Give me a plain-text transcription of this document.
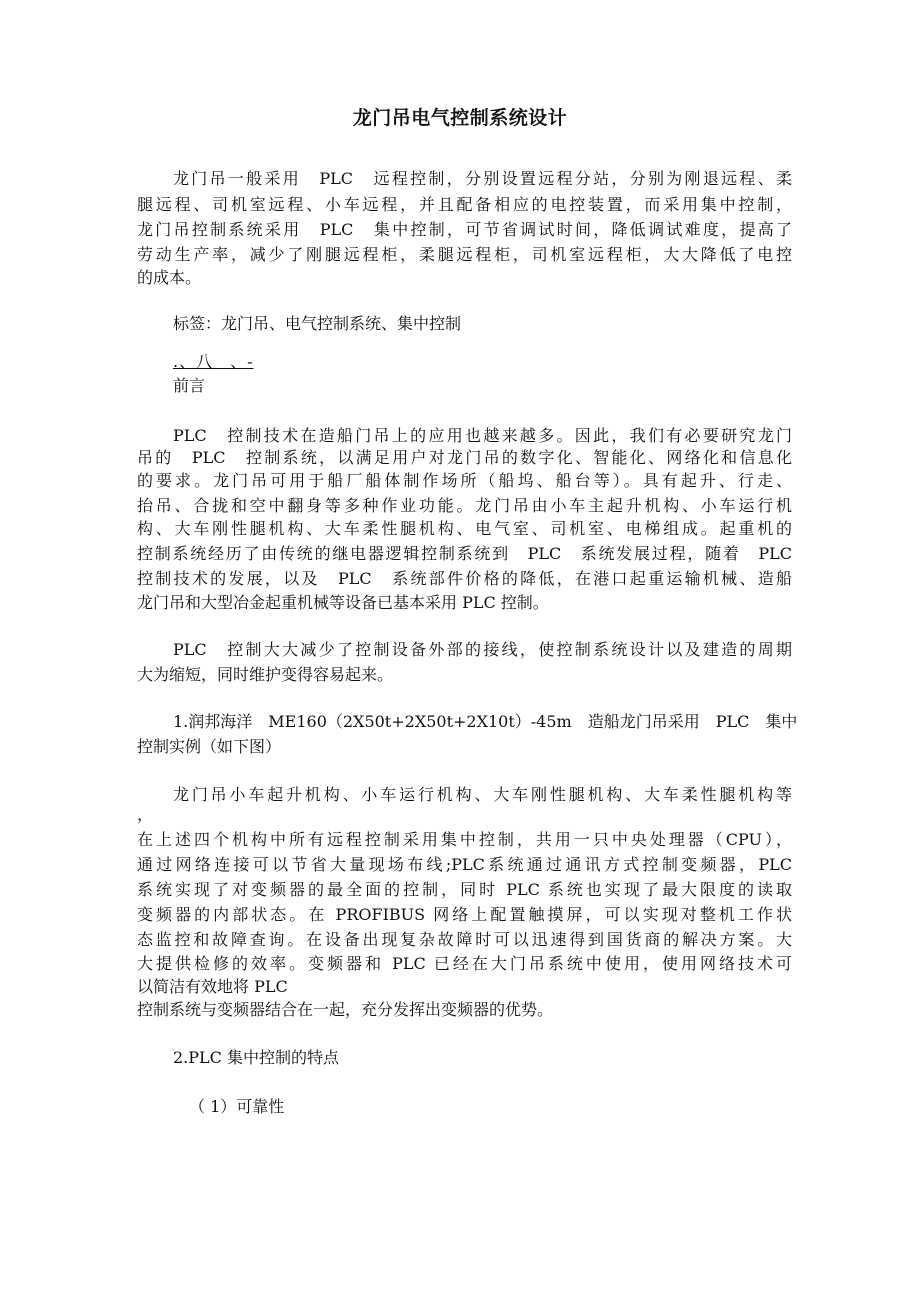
龙门吊电气控制系统设计
龙门吊一般采用　PLC　远程控制，分别设置远程分站，分别为刚退远程、柔
腿远程、司机室远程、小车远程，并且配备相应的电控装置，而采用集中控制，
龙门吊控制系统采用　PLC　集中控制，可节省调试时间，降低调试难度，提高了
劳动生产率，减少了刚腿远程柜，柔腿远程柜，司机室远程柜，大大降低了电控
的成本。
标签：龙门吊、电气控制系统、集中控制
.、八　、-
前言
PLC　控制技术在造船门吊上的应用也越来越多。因此，我们有必要研究龙门
吊的　PLC　控制系统，以满足用户对龙门吊的数字化、智能化、网络化和信息化
的要求。龙门吊可用于船厂船体制作场所（船坞、船台等）。具有起升、行走、
抬吊、合拢和空中翻身等多种作业功能。龙门吊由小车主起升机构、小车运行机
构、大车刚性腿机构、大车柔性腿机构、电气室、司机室、电梯组成。起重机的
控制系统经历了由传统的继电器逻辑控制系统到　PLC　系统发展过程，随着　PLC
控制技术的发展，以及　PLC　系统部件价格的降低，在港口起重运输机械、造船
龙门吊和大型冶金起重机械等设备已基本采用 PLC 控制。
PLC　控制大大减少了控制设备外部的接线，使控制系统设计以及建造的周期
大为缩短，同时维护变得容易起来。
1.润邦海洋　ME160（2X50t+2X50t+2X10t）-45m　造船龙门吊采用　PLC　集中
控制实例（如下图）
龙门吊小车起升机构、小车运行机构、大车刚性腿机构、大车柔性腿机构等
，
在上述四个机构中所有远程控制采用集中控制，共用一只中央处理器（CPU），
通过网络连接可以节省大量现场布线;PLC系统通过通讯方式控制变频器，PLC
系统实现了对变频器的最全面的控制，同时 PLC 系统也实现了最大限度的读取
变频器的内部状态。在 PROFIBUS 网络上配置触摸屏，可以实现对整机工作状
态监控和故障查询。在设备出现复杂故障时可以迅速得到国货商的解决方案。大
大提供检修的效率。变频器和 PLC 已经在大门吊系统中使用，使用网络技术可
以简洁有效地将 PLC
控制系统与变频器结合在一起，充分发挥出变频器的优势。
2.PLC 集中控制的特点
（ 1）可靠性
